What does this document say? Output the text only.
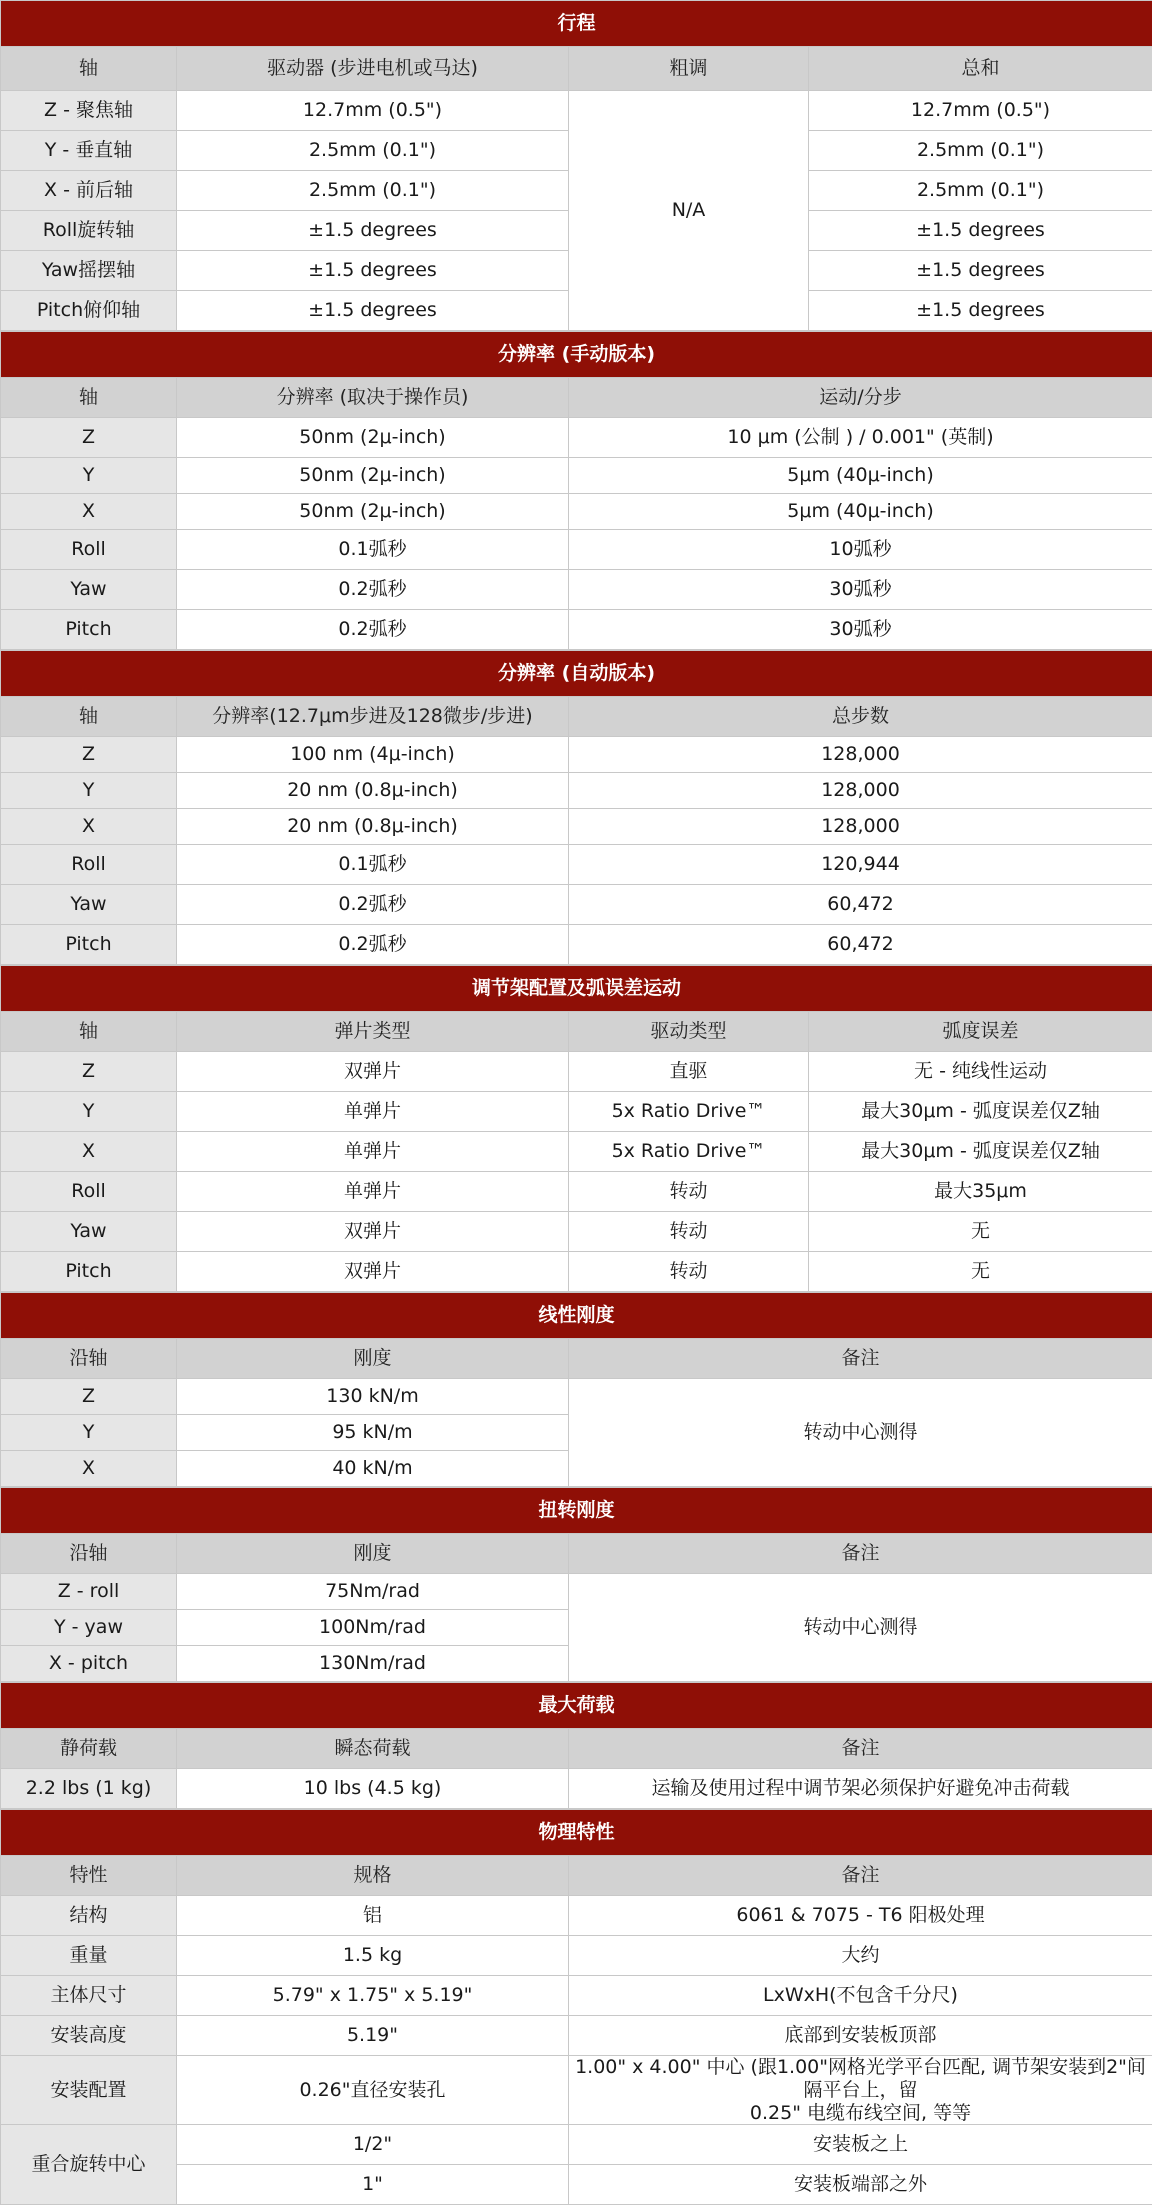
行程			
轴	驱动器 (步进电机或马达)	粗调	总和
Z - 聚焦轴	12.7mm (0.5")	N/A	12.7mm (0.5")
Y - 垂直轴	2.5mm (0.1")		2.5mm (0.1")
X - 前后轴	2.5mm (0.1")		2.5mm (0.1")
Roll旋转轴	±1.5 degrees		±1.5 degrees
Yaw摇摆轴	±1.5 degrees		±1.5 degrees
Pitch俯仰轴	±1.5 degrees		±1.5 degrees
分辨率 (手动版本)		
轴	分辨率 (取决于操作员)	运动/分步
Z	50nm (2μ-inch)	10 μm (公制 ) / 0.001" (英制)
Y	50nm (2μ-inch)	5μm (40μ-inch)
X	50nm (2μ-inch)	5μm (40μ-inch)
Roll	0.1弧秒	10弧秒
Yaw	0.2弧秒	30弧秒
Pitch	0.2弧秒	30弧秒
分辨率 (自动版本)		
轴	分辨率(12.7μm步进及128微步/步进)	总步数
Z	100 nm (4μ-inch)	128,000
Y	20 nm (0.8μ-inch)	128,000
X	20 nm (0.8μ-inch)	128,000
Roll	0.1弧秒	120,944
Yaw	0.2弧秒	60,472
Pitch	0.2弧秒	60,472
调节架配置及弧误差运动			
轴	弹片类型	驱动类型	弧度误差
Z	双弹片	直驱	无 - 纯线性运动
Y	单弹片	5x Ratio Drive™	最大30μm - 弧度误差仅Z轴
X	单弹片	5x Ratio Drive™	最大30μm - 弧度误差仅Z轴
Roll	单弹片	转动	最大35μm
Yaw	双弹片	转动	无
Pitch	双弹片	转动	无
线性刚度		
沿轴	刚度	备注
Z	130 kN/m	转动中心测得
Y	95 kN/m	
X	40 kN/m	
扭转刚度		
沿轴	刚度	备注
Z - roll	75Nm/rad	转动中心测得
Y - yaw	100Nm/rad	
X - pitch	130Nm/rad	
最大荷载		
静荷载	瞬态荷载	备注
2.2 lbs (1 kg)	10 lbs (4.5 kg)	运输及使用过程中调节架必须保护好避免冲击荷载
物理特性		
特性	规格	备注
结构	铝	6061 & 7075 - T6 阳极处理
重量	1.5 kg	大约
主体尺寸	5.79" x 1.75" x 5.19"	LxWxH(不包含千分尺)
安装高度	5.19"	底部到安装板顶部
安装配置	0.26"直径安装孔	1.00" x 4.00" 中心 (跟1.00"网格光学平台匹配, 调节架安装到2"间隔平台上，留
0.25" 电缆布线空间, 等等
重合旋转中心	1/2"	安装板之上
	1"	安装板端部之外
